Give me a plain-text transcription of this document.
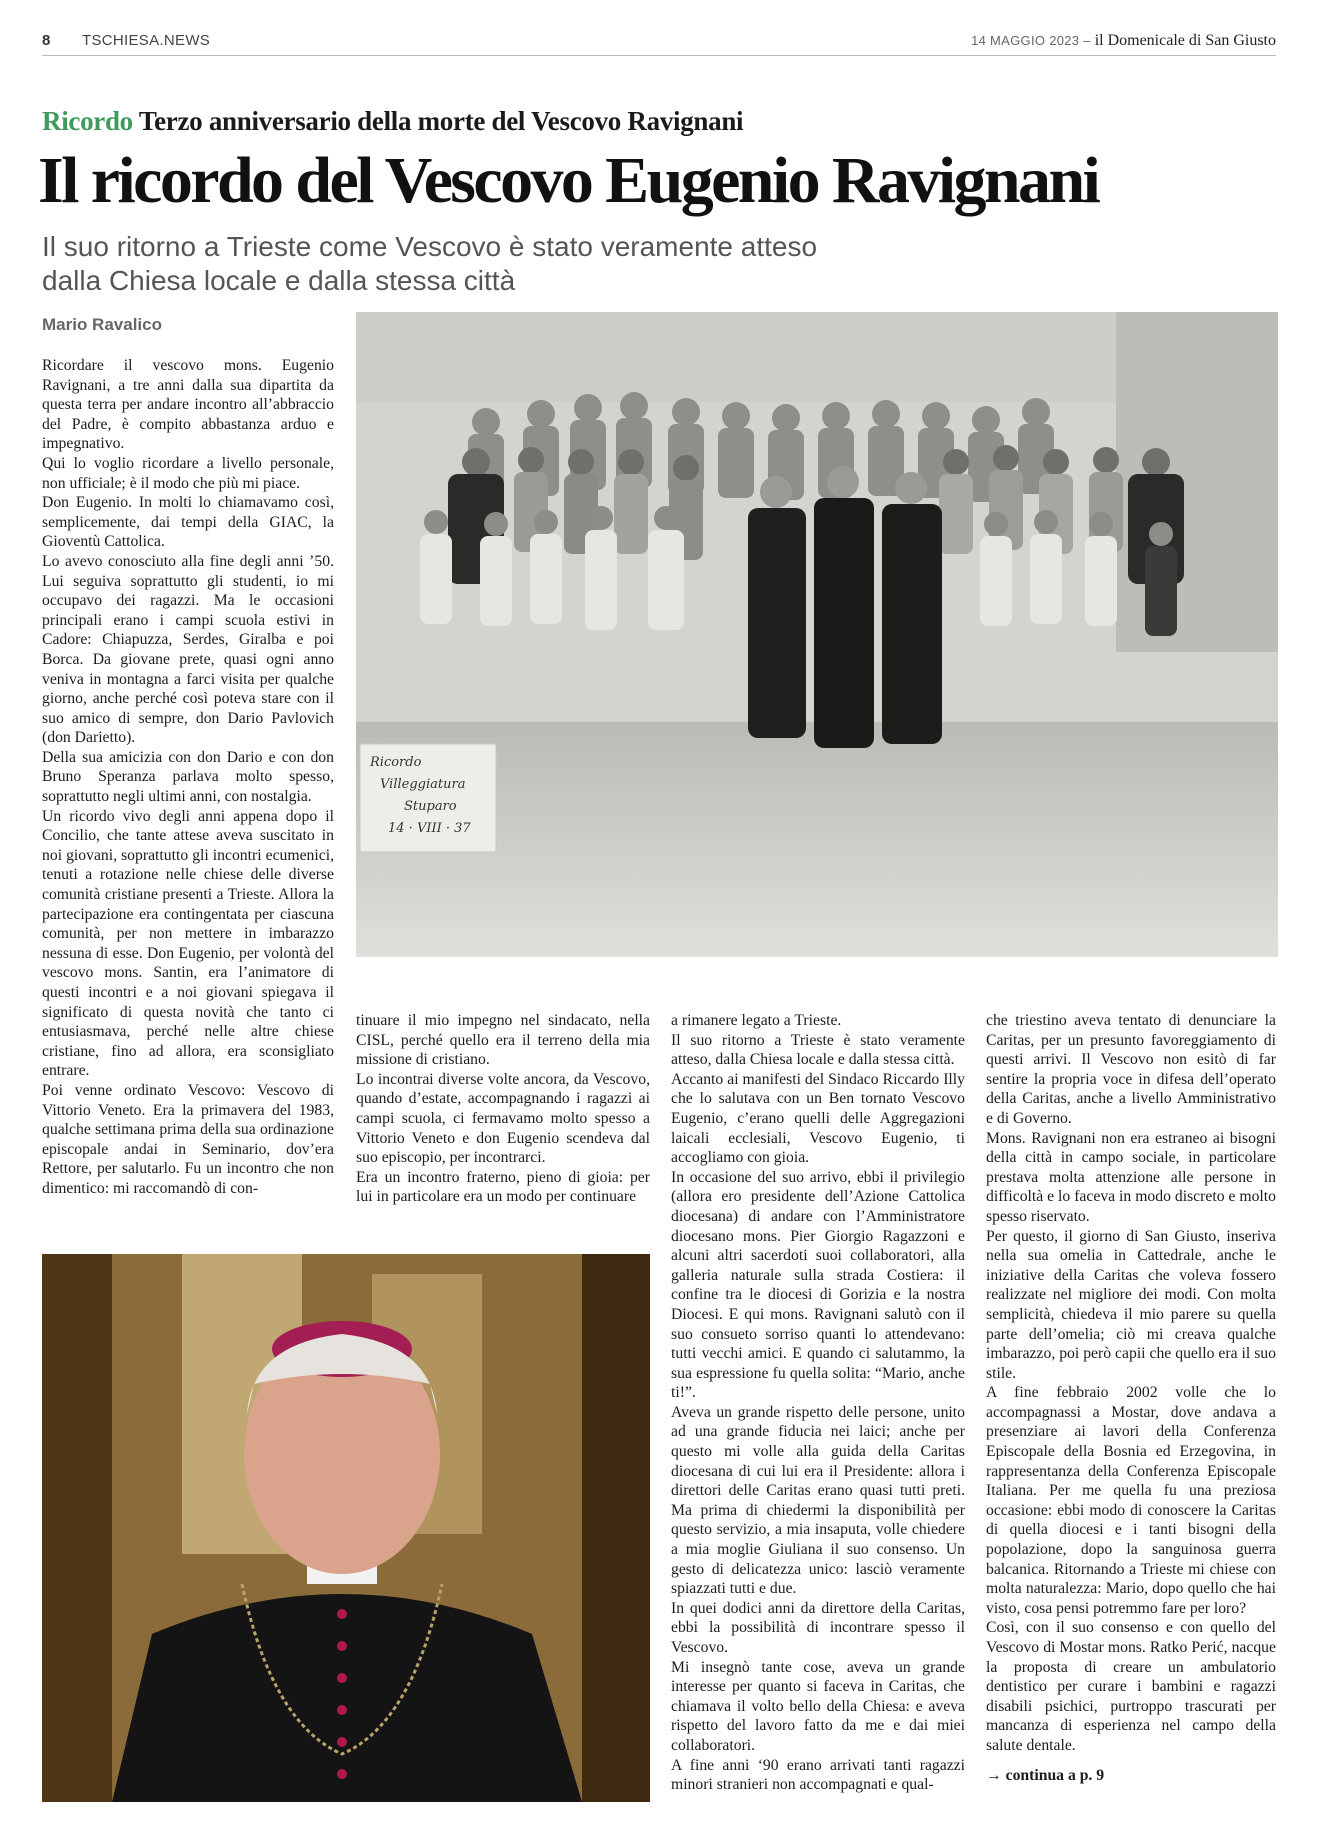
8 TSCHIESA.NEWS	14 MAGGIO 2023 – il Domenicale di San Giusto
Ricordo Terzo anniversario della morte del Vescovo Ravignani
Il ricordo del Vescovo Eugenio Ravignani
Il suo ritorno a Trieste come Vescovo è stato veramente atteso
dalla Chiesa locale e dalla stessa città
Mario Ravalico
Ricordo
Villeggiatura
Stuparo
14 · VIII · 37

Ricordare il vescovo mons. Eugenio Ravignani, a tre anni dalla sua dipartita da questa terra per andare incontro all’abbraccio del Padre, è compito abbastanza arduo e impegnativo.

Qui lo voglio ricordare a livello personale, non ufficiale; è il modo che più mi piace.

Don Eugenio. In molti lo chiamavamo così, semplicemente, dai tempi della GIAC, la Gioventù Cattolica.

Lo avevo conosciuto alla fine degli anni ’50. Lui seguiva soprattutto gli studenti, io mi occupavo dei ragazzi. Ma le occasioni principali erano i campi scuola estivi in Cadore: Chiapuzza, Serdes, Giralba e poi Borca. Da giovane prete, quasi ogni anno veniva in montagna a farci visita per qualche giorno, anche perché così poteva stare con il suo amico di sempre, don Dario Pavlovich (don Darietto).

Della sua amicizia con don Dario e con don Bruno Speranza parlava molto spesso, soprattutto negli ultimi anni, con nostalgia.

Un ricordo vivo degli anni appena dopo il Concilio, che tante attese aveva suscitato in noi giovani, soprattutto gli incontri ecumenici, tenuti a rotazione nelle chiese delle diverse comunità cristiane presenti a Trieste. Allora la partecipazione era contingentata per ciascuna comunità, per non mettere in imbarazzo nessuna di esse. Don Eugenio, per volontà del vescovo mons. Santin, era l’animatore di questi incontri e a noi giovani spiegava il significato di questa novità che tanto ci entusiasmava, perché nelle altre chiese cristiane, fino ad allora, era sconsigliato entrare.

Poi venne ordinato Vescovo: Vescovo di Vittorio Veneto. Era la primavera del 1983, qualche settimana prima della sua ordinazione episcopale andai in Seminario, dov’era Rettore, per salutarlo. Fu un incontro che non dimentico: mi raccomandò di con-

tinuare il mio impegno nel sindacato, nella CISL, perché quello era il terreno della mia missione di cristiano.

Lo incontrai diverse volte ancora, da Vescovo, quando d’estate, accompagnando i ragazzi ai campi scuola, ci fermavamo molto spesso a Vittorio Veneto e don Eugenio scendeva dal suo episcopio, per incontrarci.

Era un incontro fraterno, pieno di gioia: per lui in particolare era un modo per continuare

a rimanere legato a Trieste.

Il suo ritorno a Trieste è stato veramente atteso, dalla Chiesa locale e dalla stessa città.

Accanto ai manifesti del Sindaco Riccardo Illy che lo salutava con un Ben tornato Vescovo Eugenio, c’erano quelli delle Aggregazioni laicali ecclesiali, Vescovo Eugenio, ti accogliamo con gioia.

In occasione del suo arrivo, ebbi il privilegio (allora ero presidente dell’Azione Cattolica diocesana) di andare con l’Amministratore diocesano mons. Pier Giorgio Ragazzoni e alcuni altri sacerdoti suoi collaboratori, alla galleria naturale sulla strada Costiera: il confine tra le diocesi di Gorizia e la nostra Diocesi. E qui mons. Ravignani salutò con il suo consueto sorriso quanti lo attendevano: tutti vecchi amici. E quando ci salutammo, la sua espressione fu quella solita: “Mario, anche ti!”.

Aveva un grande rispetto delle persone, unito ad una grande fiducia nei laici; anche per questo mi volle alla guida della Caritas diocesana di cui lui era il Presidente: allora i direttori delle Caritas erano quasi tutti preti. Ma prima di chiedermi la disponibilità per questo servizio, a mia insaputa, volle chiedere a mia moglie Giuliana il suo consenso. Un gesto di delicatezza unico: lasciò veramente spiazzati tutti e due.

In quei dodici anni da direttore della Caritas, ebbi la possibilità di incontrare spesso il Vescovo.

Mi insegnò tante cose, aveva un grande interesse per quanto si faceva in Caritas, che chiamava il volto bello della Chiesa: e aveva rispetto del lavoro fatto da me e dai miei collaboratori.

A fine anni ‘90 erano arrivati tanti ragazzi minori stranieri non accompagnati e qual-

che triestino aveva tentato di denunciare la Caritas, per un presunto favoreggiamento di questi arrivi. Il Vescovo non esitò di far sentire la propria voce in difesa dell’operato della Caritas, anche a livello Amministrativo e di Governo.

Mons. Ravignani non era estraneo ai bisogni della città in campo sociale, in particolare prestava molta attenzione alle persone in difficoltà e lo faceva in modo discreto e molto spesso riservato.

Per questo, il giorno di San Giusto, inseriva nella sua omelia in Cattedrale, anche le iniziative della Caritas che voleva fossero realizzate nel migliore dei modi. Con molta semplicità, chiedeva il mio parere su quella parte dell’omelia; ciò mi creava qualche imbarazzo, poi però capii che quello era il suo stile.

A fine febbraio 2002 volle che lo accompagnassi a Mostar, dove andava a presenziare ai lavori della Conferenza Episcopale della Bosnia ed Erzegovina, in rappresentanza della Conferenza Episcopale Italiana. Per me quella fu una preziosa occasione: ebbi modo di conoscere la Caritas di quella diocesi e i tanti bisogni della popolazione, dopo la sanguinosa guerra balcanica. Ritornando a Trieste mi chiese con molta naturalezza: Mario, dopo quello che hai visto, cosa pensi potremmo fare per loro?

Così, con il suo consenso e con quello del Vescovo di Mostar mons. Ratko Perić, nacque la proposta di creare un ambulatorio dentistico per curare i bambini e ragazzi disabili psichici, purtroppo trascurati per mancanza di esperienza nel campo della salute dentale.

→ continua a p. 9
